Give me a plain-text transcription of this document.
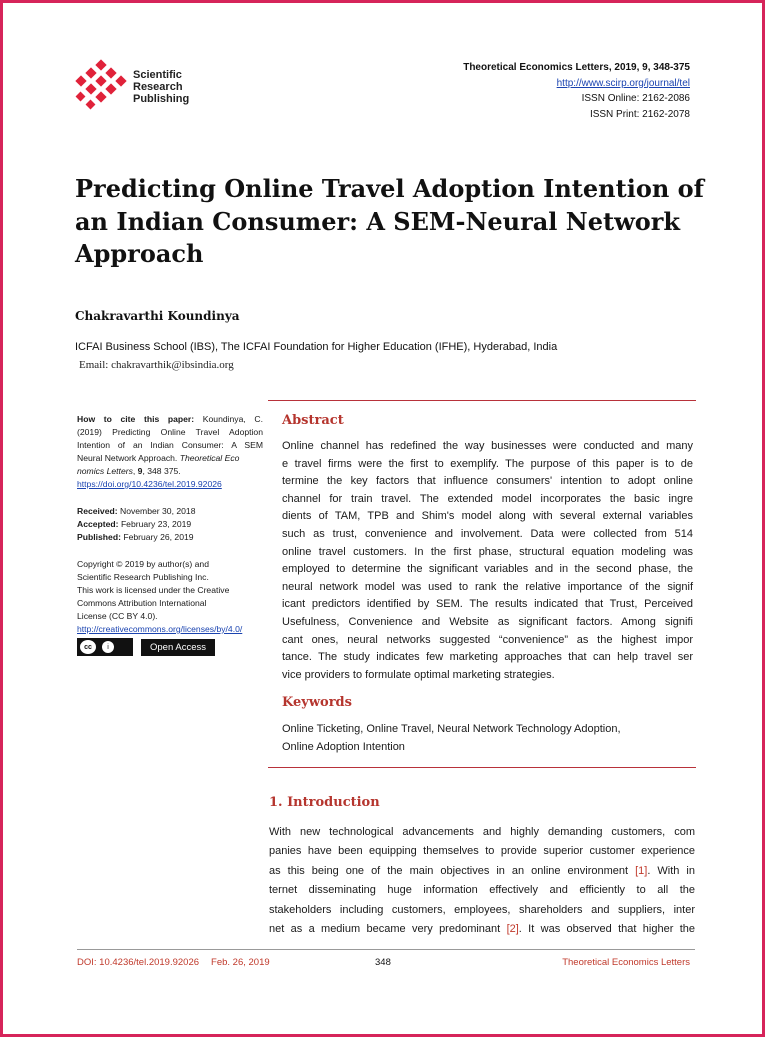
Scientific
Research
Publishing
Theoretical Economics Letters, 2019, 9, 348-375
http://www.scirp.org/journal/tel
ISSN Online: 2162-2086
ISSN Print: 2162-2078
Predicting Online Travel Adoption Intention of
an Indian Consumer: A SEM-Neural Network
Approach
Chakravarthi Koundinya
ICFAI Business School (IBS), The ICFAI Foundation for Higher Education (IFHE), Hyderabad, India
Email: chakravarthik@ibsindia.org
How to cite this paper: Koundinya, C.
(2019) Predicting Online Travel Adoption
Intention of an Indian Consumer: A SEM
Neural Network Approach. Theoretical Eco
nomics Letters, 9, 348 375.
https://doi.org/10.4236/tel.2019.92026
Received: November 30, 2018
Accepted: February 23, 2019
Published: February 26, 2019
Copyright © 2019 by author(s) and
Scientific Research Publishing Inc.
This work is licensed under the Creative
Commons Attribution International
License (CC BY 4.0).
http://creativecommons.org/licenses/by/4.0/
cc	i	Open Access
Abstract
Online channel has redefined the way businesses were conducted and many
e travel firms were the first to exemplify. The purpose of this paper is to de
termine the key factors that influence consumers' intention to adopt online
channel for train travel. The extended model incorporates the basic ingre
dients of TAM, TPB and Shim's model along with several external variables
such as trust, convenience and involvement. Data were collected from 514
online travel customers. In the first phase, structural equation modeling was
employed to determine the significant variables and in the second phase, the
neural network model was used to rank the relative importance of the signif
icant predictors identified by SEM. The results indicated that Trust, Perceived
Usefulness, Convenience and Website as significant factors. Among signifi
cant ones, neural networks suggested “convenience” as the highest impor
tance. The study indicates few marketing approaches that can help travel ser
vice providers to formulate optimal marketing strategies.
Keywords
Online Ticketing, Online Travel, Neural Network Technology Adoption,
Online Adoption Intention
1. Introduction
With new technological advancements and highly demanding customers, com
panies have been equipping themselves to provide superior customer experience
as this being one of the main objectives in an online environment [1]. With in
ternet disseminating huge information effectively and efficiently to all the
stakeholders including customers, employees, shareholders and suppliers, inter
net as a medium became very predominant [2]. It was observed that higher the
DOI: 10.4236/tel.2019.92026 Feb. 26, 2019	348	Theoretical Economics Letters
